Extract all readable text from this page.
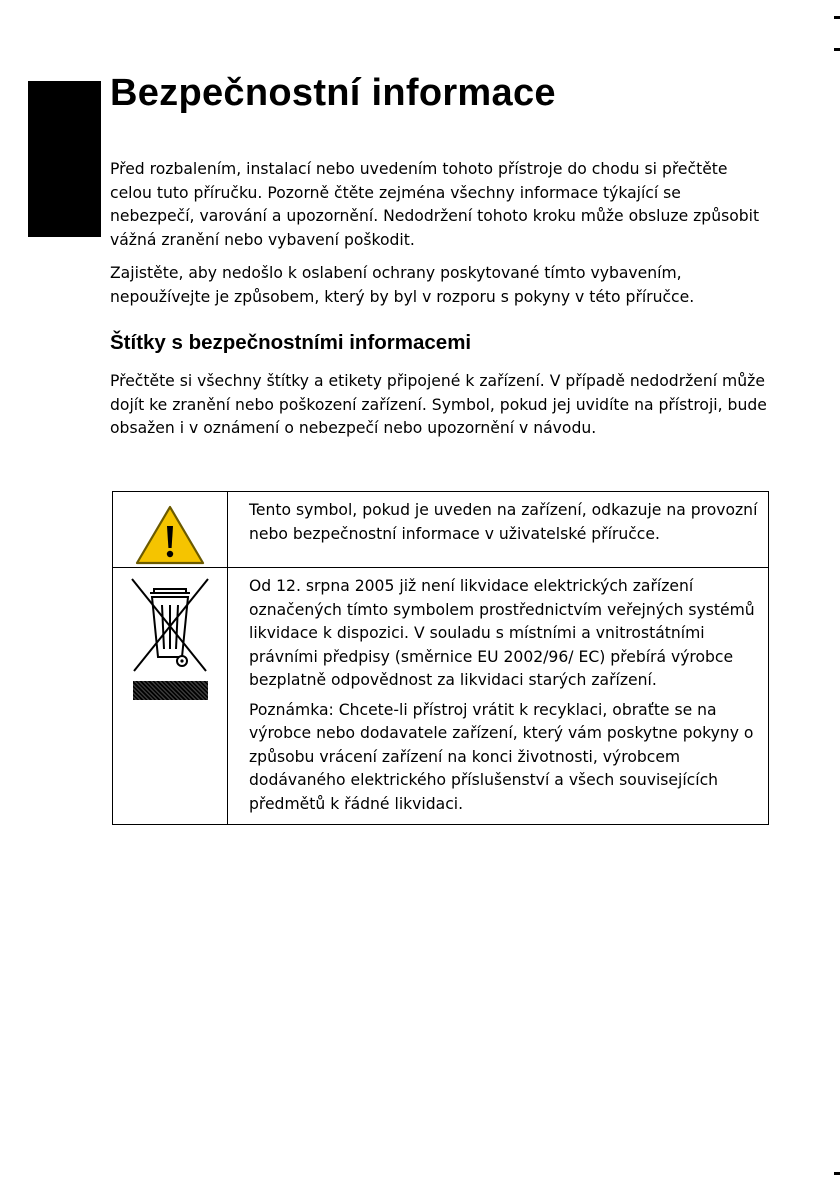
Bezpečnostní informace

Před rozbalením, instalací nebo uvedením tohoto přístroje do chodu si přečtěte celou tuto příručku. Pozorně čtěte zejména všechny informace týkající se nebezpečí, varování a upozornění. Nedodržení tohoto kroku může obsluze způsobit vážná zranění nebo vybavení poškodit.

Zajistěte, aby nedošlo k oslabení ochrany poskytované tímto vybavením, nepoužívejte je způsobem, který by byl v rozporu s pokyny v této příručce.

Štítky s bezpečnostními informacemi

Přečtěte si všechny štítky a etikety připojené k zařízení. V případě nedodržení může dojít ke zranění nebo poškození zařízení. Symbol, pokud jej uvidíte na přístroji, bude obsažen i v oznámení o nebezpečí nebo upozornění v návodu.

Tento symbol, pokud je uveden na zařízení, odkazuje na provozní nebo bezpečnostní informace v uživatelské příručce.

Od 12. srpna 2005 již není likvidace elektrických zařízení označených tímto symbolem prostřednictvím veřejných systémů likvidace k dispozici. V souladu s místními a vnitrostátními právními předpisy (směrnice EU 2002/96/ EC) přebírá výrobce bezplatně odpovědnost za likvidaci starých zařízení.

Poznámka: Chcete-li přístroj vrátit k recyklaci, obraťte se na výrobce nebo dodavatele zařízení, který vám poskytne pokyny o způsobu vrácení zařízení na konci životnosti, výrobcem dodávaného elektrického příslušenství a všech souvisejících předmětů k řádné likvidaci.
